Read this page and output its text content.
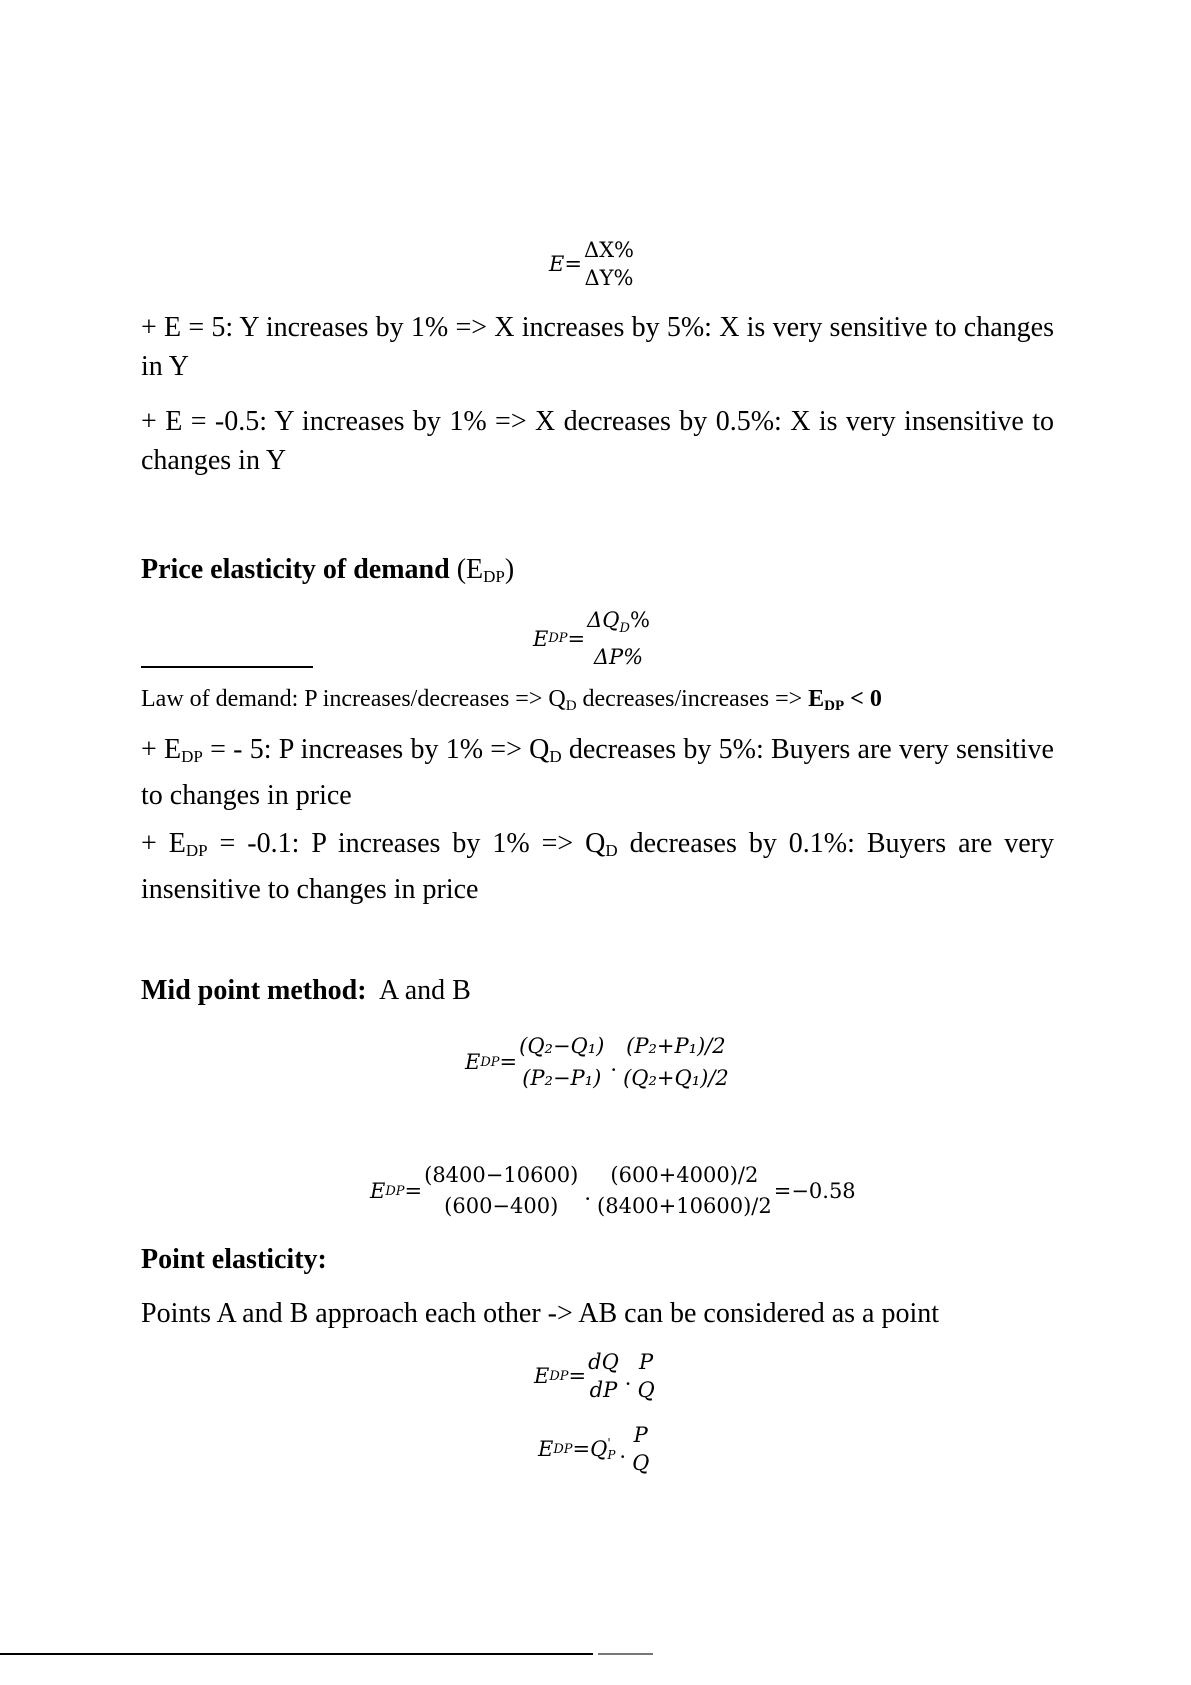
E=
ΔX%
ΔY%

+ E = 5: Y increases by 1% => X increases by 5%: X is very sensitive to changes in Y

+ E = -0.5: Y increases by 1% => X decreases by 0.5%: X is very insensitive to changes in Y

Price elasticity of demand $(E_{DP})$

E DP =
$\Delta Q_D\%$
ΔP%

Law of demand: P increases/decreases => $Q_D$ decreases/increases => $E_{DP} < 0$

+ $E_{DP}$ = - 5: P increases by $1\% => Q_D$ decreases by 5%: Buyers are very sensitive to changes in price

+ $E_{DP} = -0.1$: P increases by $1\% => Q_D$ decreases by 0.1%: Buyers are very insensitive to changes in price

Mid point method:  A and B

E DP =
(Q₂−Q₁)
(P₂−P₁) ·
(P₂+P₁)/2
(Q₂+Q₁)/2
E DP =
(8400−10600)
(600−400) ·
(600+4000)/2
(8400+10600)/2
=−0.58

Point elasticity:

Points A and B approach each other -> AB can be considered as a point

E DP =
dQ
dP ·
P
Q
E DP =Q '
P ·
P
Q
